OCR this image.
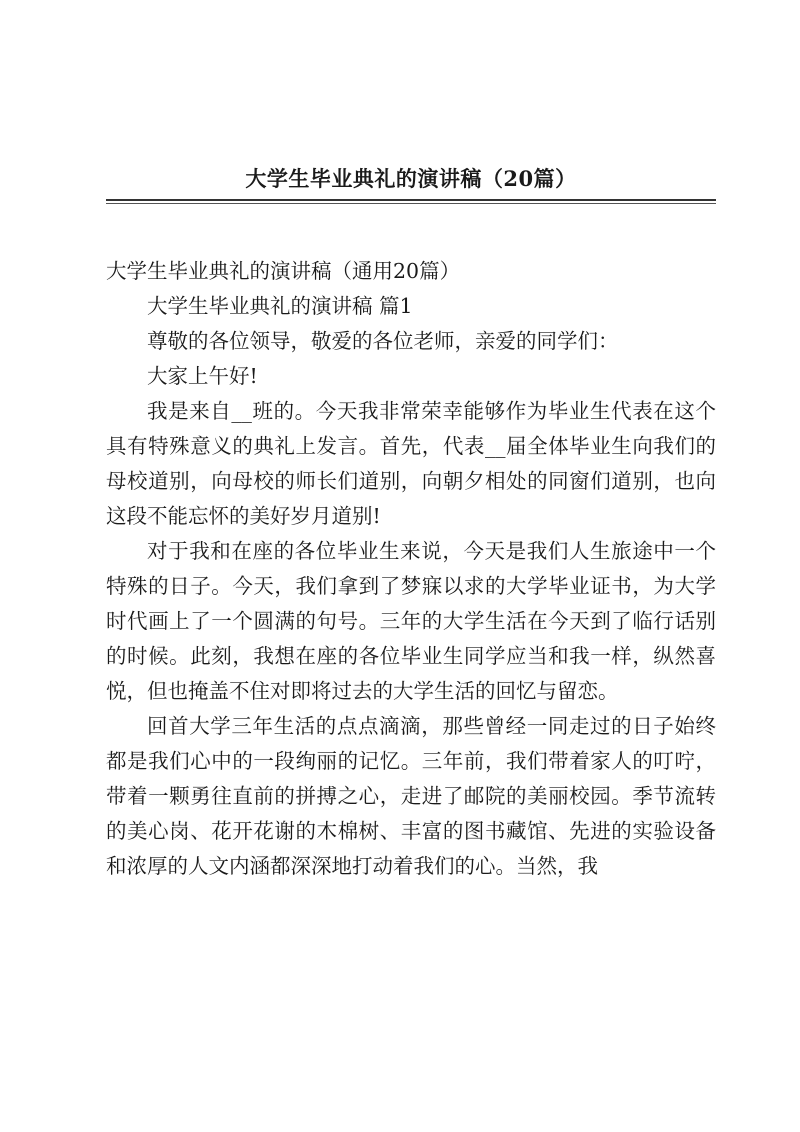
大学生毕业典礼的演讲稿（20篇）

大学生毕业典礼的演讲稿（通用20篇）

大学生毕业典礼的演讲稿 篇1

尊敬的各位领导，敬爱的各位老师，亲爱的同学们：

大家上午好!

我是来自__班的。今天我非常荣幸能够作为毕业生代表在这个具有特殊意义的典礼上发言。首先，代表__届全体毕业生向我们的母校道别，向母校的师长们道别，向朝夕相处的同窗们道别，也向这段不能忘怀的美好岁月道别!

对于我和在座的各位毕业生来说，今天是我们人生旅途中一个特殊的日子。今天，我们拿到了梦寐以求的大学毕业证书，为大学时代画上了一个圆满的句号。三年的大学生活在今天到了临行话别的时候。此刻，我想在座的各位毕业生同学应当和我一样，纵然喜悦，但也掩盖不住对即将过去的大学生活的回忆与留恋。

回首大学三年生活的点点滴滴，那些曾经一同走过的日子始终都是我们心中的一段绚丽的记忆。三年前，我们带着家人的叮咛，带着一颗勇往直前的拼搏之心，走进了邮院的美丽校园。季节流转的美心岗、花开花谢的木棉树、丰富的图书藏馆、先进的实验设备和浓厚的人文内涵都深深地打动着我们的心。当然，我
